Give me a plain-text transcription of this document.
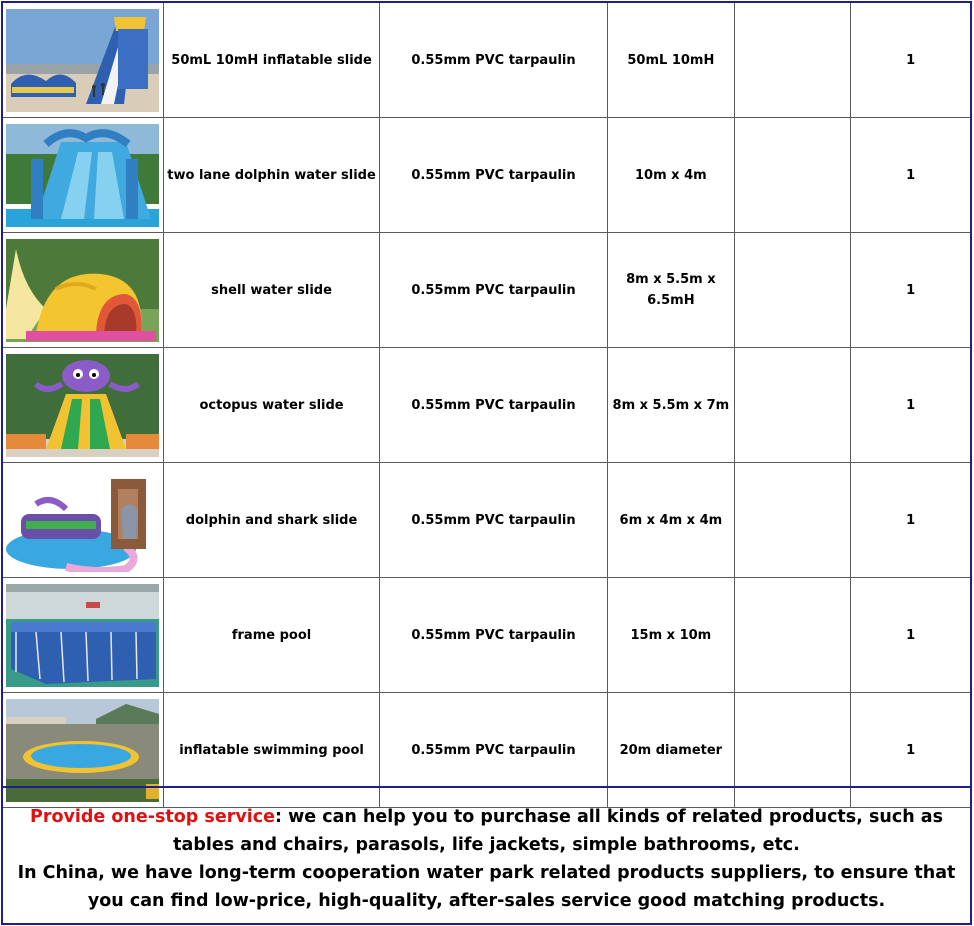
	50mL 10mH inflatable slide	0.55mm PVC tarpaulin	50mL 10mH		1

	two lane dolphin water slide	0.55mm PVC tarpaulin	10m x 4m		1

	shell water slide	0.55mm PVC tarpaulin	8m x 5.5m x 6.5mH		1

	octopus water slide	0.55mm PVC tarpaulin	8m x 5.5m x 7m		1

	dolphin and shark slide	0.55mm PVC tarpaulin	6m x 4m x 4m		1

	frame pool	0.55mm PVC tarpaulin	15m x 10m		1

	inflatable swimming pool	0.55mm PVC tarpaulin	20m diameter		1
Provide one-stop service: we can help you to purchase all kinds of related products, such as tables and chairs, parasols, life jackets, simple bathrooms, etc.
In China, we have long-term cooperation water park related products suppliers, to ensure that you can find low-price, high-quality, after-sales service good matching products.
